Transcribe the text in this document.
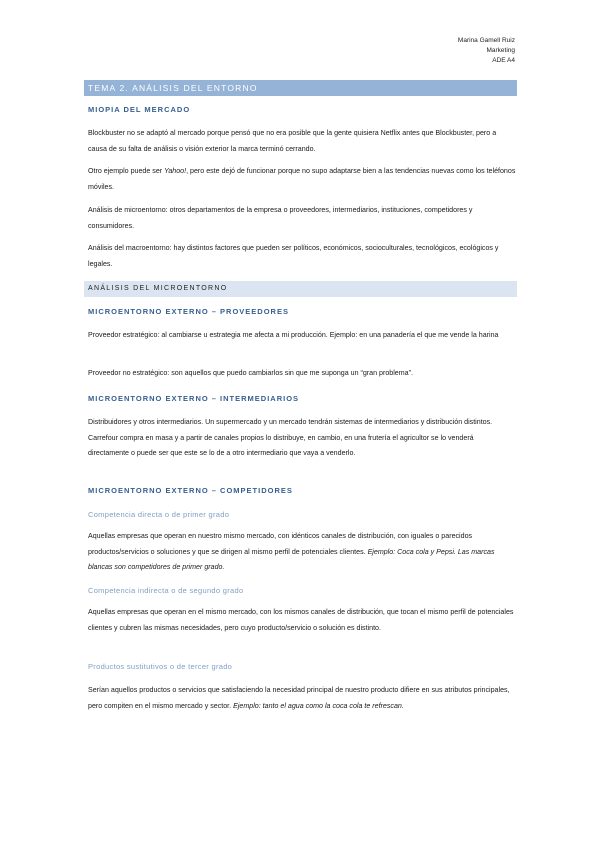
Marina Gamell Ruiz
Marketing
ADE A4
TEMA 2. ANÁLISIS DEL ENTORNO
MIOPIA DEL MERCADO
Blockbuster no se adaptó al mercado porque pensó que no era posible que la gente quisiera Netflix antes que Blockbuster, pero a causa de su falta de análisis o visión exterior la marca terminó cerrando.
Otro ejemplo puede ser Yahoo!, pero este dejó de funcionar porque no supo adaptarse bien a las tendencias nuevas como los teléfonos móviles.
Análisis de microentorno: otros departamentos de la empresa o proveedores, intermediarios, instituciones, competidores y consumidores.
Análisis del macroentorno: hay distintos factores que pueden ser políticos, económicos, socioculturales, tecnológicos, ecológicos y legales.
ANÁLISIS DEL MICROENTORNO
MICROENTORNO EXTERNO – PROVEEDORES
Proveedor estratégico: al cambiarse u estrategia me afecta a mi producción. Ejemplo: en una panadería el que me vende la harina
Proveedor no estratégico: son aquellos que puedo cambiarlos sin que me suponga un “gran problema”.
MICROENTORNO EXTERNO – INTERMEDIARIOS
Distribuidores y otros intermediarios. Un supermercado y un mercado tendrán sistemas de intermediarios y distribución distintos. Carrefour compra en masa y a partir de canales propios lo distribuye, en cambio, en una frutería el agricultor se lo venderá directamente o puede ser que este se lo de a otro intermediario que vaya a venderlo.
MICROENTORNO EXTERNO – COMPETIDORES
Competencia directa o de primer grado
Aquellas empresas que operan en nuestro mismo mercado, con idénticos canales de distribución, con iguales o parecidos productos/servicios o soluciones y que se dirigen al mismo perfil de potenciales clientes. Ejemplo: Coca cola y Pepsi. Las marcas blancas son competidores de primer grado.
Competencia indirecta o de segundo grado
Aquellas empresas que operan en el mismo mercado, con los mismos canales de distribución, que tocan el mismo perfil de potenciales clientes y cubren las mismas necesidades, pero cuyo producto/servicio o solución es distinto.
Productos sustitutivos o de tercer grado
Serían aquellos productos o servicios que satisfaciendo la necesidad principal de nuestro producto difiere en sus atributos principales, pero compiten en el mismo mercado y sector. Ejemplo: tanto el agua como la coca cola te refrescan.
